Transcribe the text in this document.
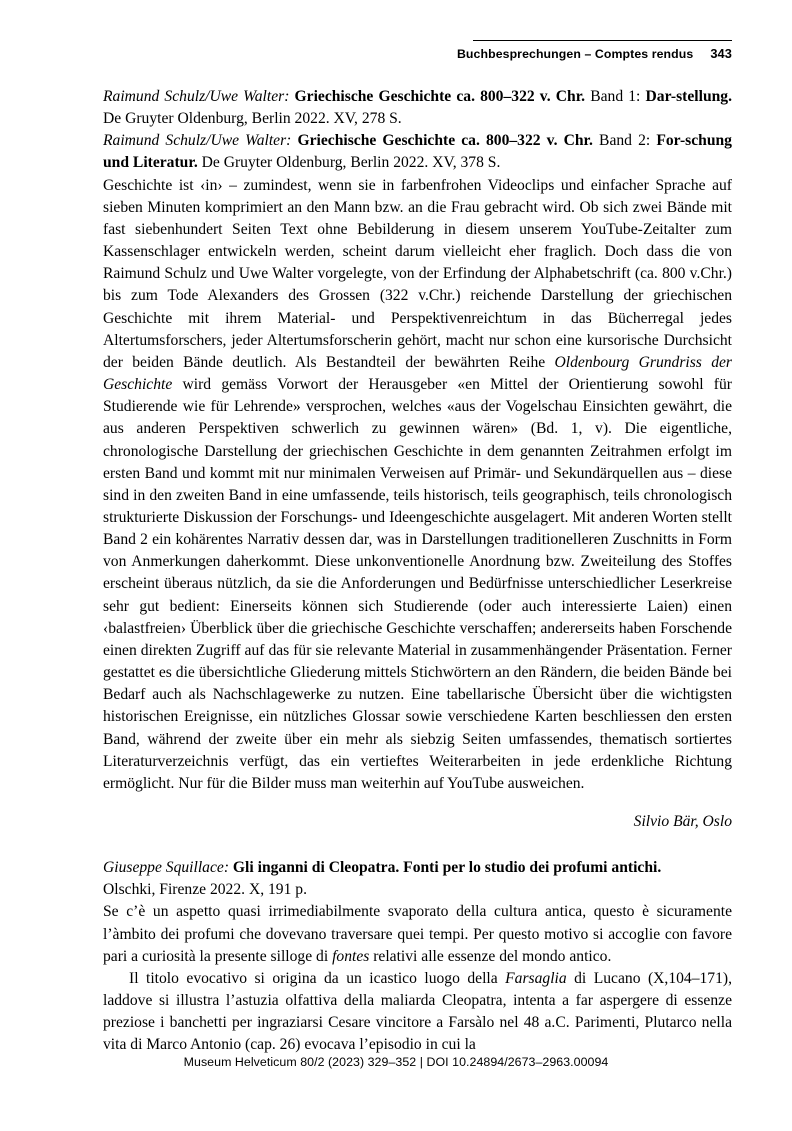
Buchbesprechungen – Comptes rendus 343

Raimund Schulz/Uwe Walter: Griechische Geschichte ca. 800–322 v. Chr. Band 1: Dar-stellung. De Gruyter Oldenburg, Berlin 2022. XV, 278 S.

Raimund Schulz/Uwe Walter: Griechische Geschichte ca. 800–322 v. Chr. Band 2: For-schung und Literatur. De Gruyter Oldenburg, Berlin 2022. XV, 378 S.

Geschichte ist ‹in› – zumindest, wenn sie in farbenfrohen Videoclips und einfacher Sprache auf sieben Minuten komprimiert an den Mann bzw. an die Frau gebracht wird. Ob sich zwei Bände mit fast siebenhundert Seiten Text ohne Bebilderung in diesem unserem YouTube-Zeitalter zum Kassenschlager entwickeln werden, scheint darum vielleicht eher fraglich. Doch dass die von Raimund Schulz und Uwe Walter vorgelegte, von der Erfindung der Alphabetschrift (ca. 800 v.Chr.) bis zum Tode Alexanders des Grossen (322 v.Chr.) reichende Darstellung der griechischen Geschichte mit ihrem Material- und Perspektivenreichtum in das Bücherregal jedes Altertumsforschers, jeder Altertumsforscherin gehört, macht nur schon eine kursorische Durchsicht der beiden Bände deutlich. Als Bestandteil der bewährten Reihe Oldenbourg Grundriss der Geschichte wird gemäss Vorwort der Herausgeber «en Mittel der Orientierung sowohl für Studierende wie für Lehrende» versprochen, welches «aus der Vogelschau Einsichten gewährt, die aus anderen Perspektiven schwerlich zu gewinnen wären» (Bd. 1, v). Die eigentliche, chronologische Darstellung der griechischen Geschichte in dem genannten Zeitrahmen erfolgt im ersten Band und kommt mit nur minimalen Verweisen auf Primär- und Sekundärquellen aus – diese sind in den zweiten Band in eine umfassende, teils historisch, teils geographisch, teils chronologisch strukturierte Diskussion der Forschungs- und Ideengeschichte ausgelagert. Mit anderen Worten stellt Band 2 ein kohärentes Narrativ dessen dar, was in Darstellungen traditionelleren Zuschnitts in Form von Anmerkungen daherkommt. Diese unkonventionelle Anordnung bzw. Zweiteilung des Stoffes erscheint überaus nützlich, da sie die Anforderungen und Bedürfnisse unterschiedlicher Leserkreise sehr gut bedient: Einerseits können sich Studierende (oder auch interessierte Laien) einen ‹balastfreien› Überblick über die griechische Geschichte verschaffen; andererseits haben Forschende einen direkten Zugriff auf das für sie relevante Material in zusammenhängender Präsentation. Ferner gestattet es die übersichtliche Gliederung mittels Stichwörtern an den Rändern, die beiden Bände bei Bedarf auch als Nachschlagewerke zu nutzen. Eine tabellarische Übersicht über die wichtigsten historischen Ereignisse, ein nützliches Glossar sowie verschiedene Karten beschliessen den ersten Band, während der zweite über ein mehr als siebzig Seiten umfassendes, thematisch sortiertes Literaturverzeichnis verfügt, das ein vertieftes Weiterarbeiten in jede erdenkliche Richtung ermöglicht. Nur für die Bilder muss man weiterhin auf YouTube ausweichen.

Silvio Bär, Oslo

Giuseppe Squillace: Gli inganni di Cleopatra. Fonti per lo studio dei profumi antichi.

Olschki, Firenze 2022. X, 191 p.

Se c’è un aspetto quasi irrimediabilmente svaporato della cultura antica, questo è sicuramente l’àmbito dei profumi che dovevano traversare quei tempi. Per questo motivo si accoglie con favore pari a curiosità la presente silloge di fontes relativi alle essenze del mondo antico.

Il titolo evocativo si origina da un icastico luogo della Farsaglia di Lucano (X,104–171), laddove si illustra l’astuzia olfattiva della maliarda Cleopatra, intenta a far aspergere di essenze preziose i banchetti per ingraziarsi Cesare vincitore a Farsàlo nel 48 a.C. Parimenti, Plutarco nella vita di Marco Antonio (cap. 26) evocava l’episodio in cui la

Museum Helveticum 80/2 (2023) 329–352 | DOI 10.24894/2673–2963.00094
